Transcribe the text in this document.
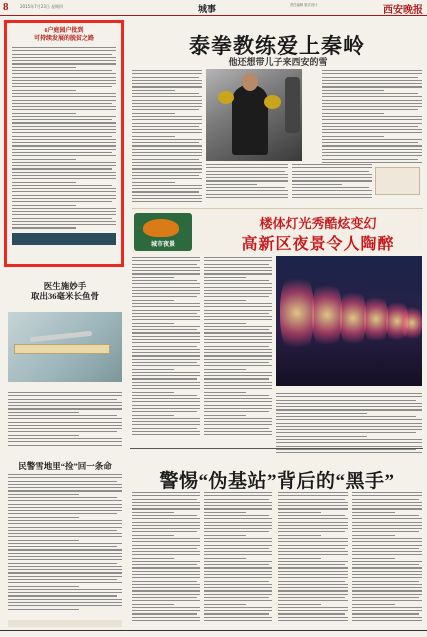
8	2015年7月23日 星期四	城事	责任编辑 版式设计	西安晚报
6户庭园户批到
可持续发展的脱贫之路	泰拳教练爱上秦岭
他还想带儿子来西安的雪
城市夜景
楼体灯光秀酷炫变幻
高新区夜景令人陶醉
医生施妙手
取出36毫米长鱼骨
民警雪地里“捡”回一条命
警惕“伪基站”背后的“黑手”
